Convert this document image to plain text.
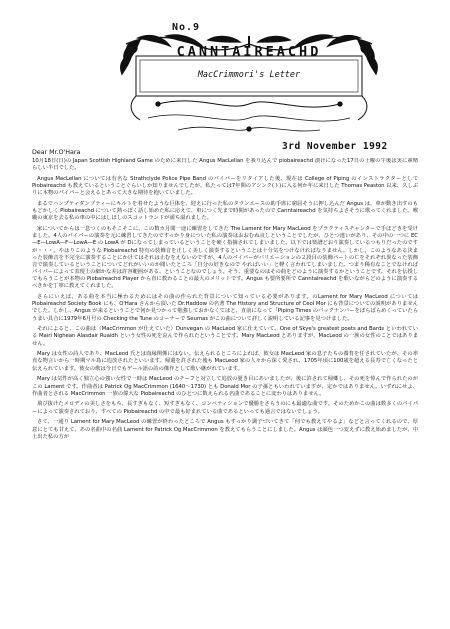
No.9
CANNTAIREACHD
MacCrimmori's Letter
3rd November 1992
Dear Mr.O'Hara

10月18日(日)の Japan Scottish Highland Game のために来日した Angus MacLellan を我り込んで piobaireachd 漬けになった17日の土曜の午後は実に素晴らしい半日でした。

Angus MacLellan については有名な Strathclyde Police Pipe Band のパイパーをリタイアした後、現在は College of Piping のインストラクターとして Piobaireachd も教えているということぐらいしか知りませんでしたが、私たっては7年間のアシンク(ト)に入る何か年に来日した Thomas Peaston 以来、久しぶりに本物のパイパーと会えるとあって大きな期待を抱いていました。

まるでハンプティダンプティーにキルトを着せたような巨体を、迎えに行った私のタウンエースの助手席に窮屈そうに押し込んだ Angus は、車が動き出すのももどかしく Piobaireachd について熱っぽく話し始めた私に応えて、車につく先まで時間があったので Canntaireachd を気持ちよさそうに歌ってくれました。喉嚨の東京を去る私の車の中にはしばしのスコットランドが満ち溢れました。

家についてからは一息つくのもそこそこに、この数カ月間一途に練習をしてきた The Lament for Mary MacLeod をプラクティスチャンターで手ほどきを受けました。4人のパイパーの演奏を元に練習してきたのですっかり身についた私の演奏はおおむね良しということでしたが、ひとつ違いがあり、その中の一つに EC—E—LowA—F—LowA—E の LowA が Dになってしまっているということを硬く指摘されてしまいました。以下では楽譜どおり演奏しているつもりだったのですが・・・。やはりこのような Piobaireachd 特有の装飾音を正しく美しく演奏するということは十分気をつけなければなりません。しかし、このようなある決まった装飾音を不完全に演奏することにかけてはそれは止むをえないのですが、4人のパイパーがバリエーションの２段目の装飾パートのＣをそれぞれ異なった装飾音で演奏しているということについてどれがいいのか聞いたところ「自分の好きなので やればいい」と軽く言われてしまいました。つまり稀有なことでなければパイパーによって表現上の細かな差は許容範囲がある、ということなのでしょう。そう、重要なのはその曲をどのように演奏するかということです。それを伝授してもらうことが本物の Piobaireachd Player から直に教わることの最大のメリットです。Angus も要所要所で Canntaireachd を歌いながらどのように演奏するべきかを丁寧に教えてくれました。

さらにいえば、ある曲を本当に極わるためにはその曲の作られた背景について知っている必要があります。のLament for Mary MacLeod については Piobaireachd Society Book にも、O'Hara さんから頂いた Dr.Haddow の名著 The History and Structure of Ceol Mor にも背景についての説明がありませんでした。しかし、Angus が来るということで何か見つかって勉強しておかなくてはと、直前になって「Piping Times のバックナンバーをぱらぱらめくっていたらうまい具合に1979年6月号の Checking the Tune のコーナーで Seumas がこの曲について詳しく説明している記事を見つけました。

それによると、この曲は（MacCrimmon が仕えていた）Dunvegan の MacLeod 家に仕えていて、One of Skye's greatest poets and Bards といわれている Mairi Nighean Alasdair Ruaidh という女性の死を哀んで作られたということです。Mary MacLeod とありますが、MacLeod の一族の女性のことではありません。

Mary は女性の詩人であり、MacLeod 氏とは血縁関係にはない。伝えられるところによれば、彼女は MacLeod 家の息子たちの養育を任されていたが、その率直な物言いから一時期マル島に追放されたといいます。帰還を許された後も MacLeod 家の人々から深く愛され、1705年頃に100歳を超える長寿で亡くなったと伝えられています。彼女の歌は今日でもゲール語の詩の傑作として歌い継がれています。

Mary は気性が高く独立心の強い女性で一時は MacLeod のチーフと対立して追放の憂き目にあいましたが、後に許されて帰郷し、その死を悼んで作られたのがこの Lament です。作曲者は Patrick Og MacCrimmon (1640〜1730) とも Donald Mor の子孫ともいわれていますが、定かではありません。いずれにせよ、作曲者とされる MacCrimmon 一族の偉大な Piobaireachd のひとつに数えられる名曲であることに変わりはありません。

飛び抜けたメロディの美しさをもち、長すぎもなく、短すぎもなく、コンペティションで優勝をさらうのにも最適な曲です。そのためかこの曲は数多くのパイパーによって演奏されており、すべての Piobaireachd の中で最も好まれている曲であるといっても過言ではないでしょう。

さて、一通り Lament for Mary MacLeod の練習が終わったところで Angus もすっかり調子づいてきて「何でも教えてやるよ」などと言ってくれるので、厚意にとても甘えて、あの名曲中の名曲 Lament for Patrick Og MacCrimmon を教えてもらうことにしました。Angus は顔色一つ変えずに教え始めましたが、中上出た私の方が
